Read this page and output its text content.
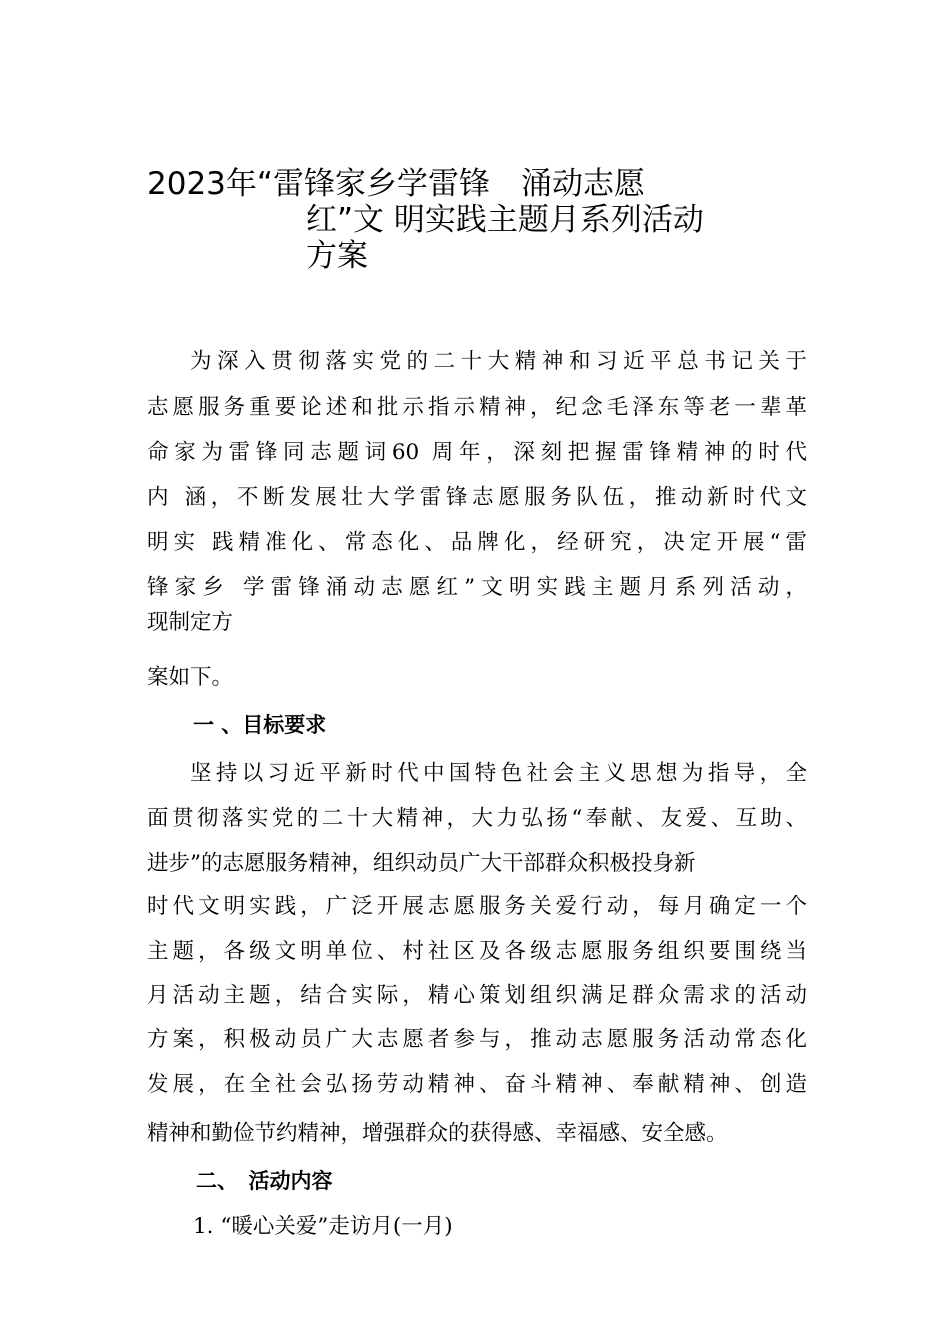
2023年“雷锋家乡学雷锋　涌动志愿
红”文 明实践主题月系列活动
方案
为深入贯彻落实党的二十大精神和习近平总书记关于
志愿服务重要论述和批示指示精神，纪念毛泽东等老一辈革
命家为雷锋同志题词60 周年，深刻把握雷锋精神的时代
内 涵，不断发展壮大学雷锋志愿服务队伍，推动新时代文
明实 践精准化、常态化、品牌化，经研究，决定开展“雷
锋家乡 学雷锋涌动志愿红”文明实践主题月系列活动，
现制定方
案如下。
一 、目标要求
坚持以习近平新时代中国特色社会主义思想为指导，全
面贯彻落实党的二十大精神，大力弘扬“奉献、友爱、互助、
进步”的志愿服务精神，组织动员广大干部群众积极投身新
时代文明实践，广泛开展志愿服务关爱行动，每月确定一个
主题，各级文明单位、村社区及各级志愿服务组织要围绕当
月活动主题，结合实际，精心策划组织满足群众需求的活动
方案，积极动员广大志愿者参与，推动志愿服务活动常态化
发展，在全社会弘扬劳动精神、奋斗精神、奉献精神、创造
精神和勤俭节约精神，增强群众的获得感、幸福感、安全感。
二、　活动内容
1. “暖心关爱”走访月(一月)
